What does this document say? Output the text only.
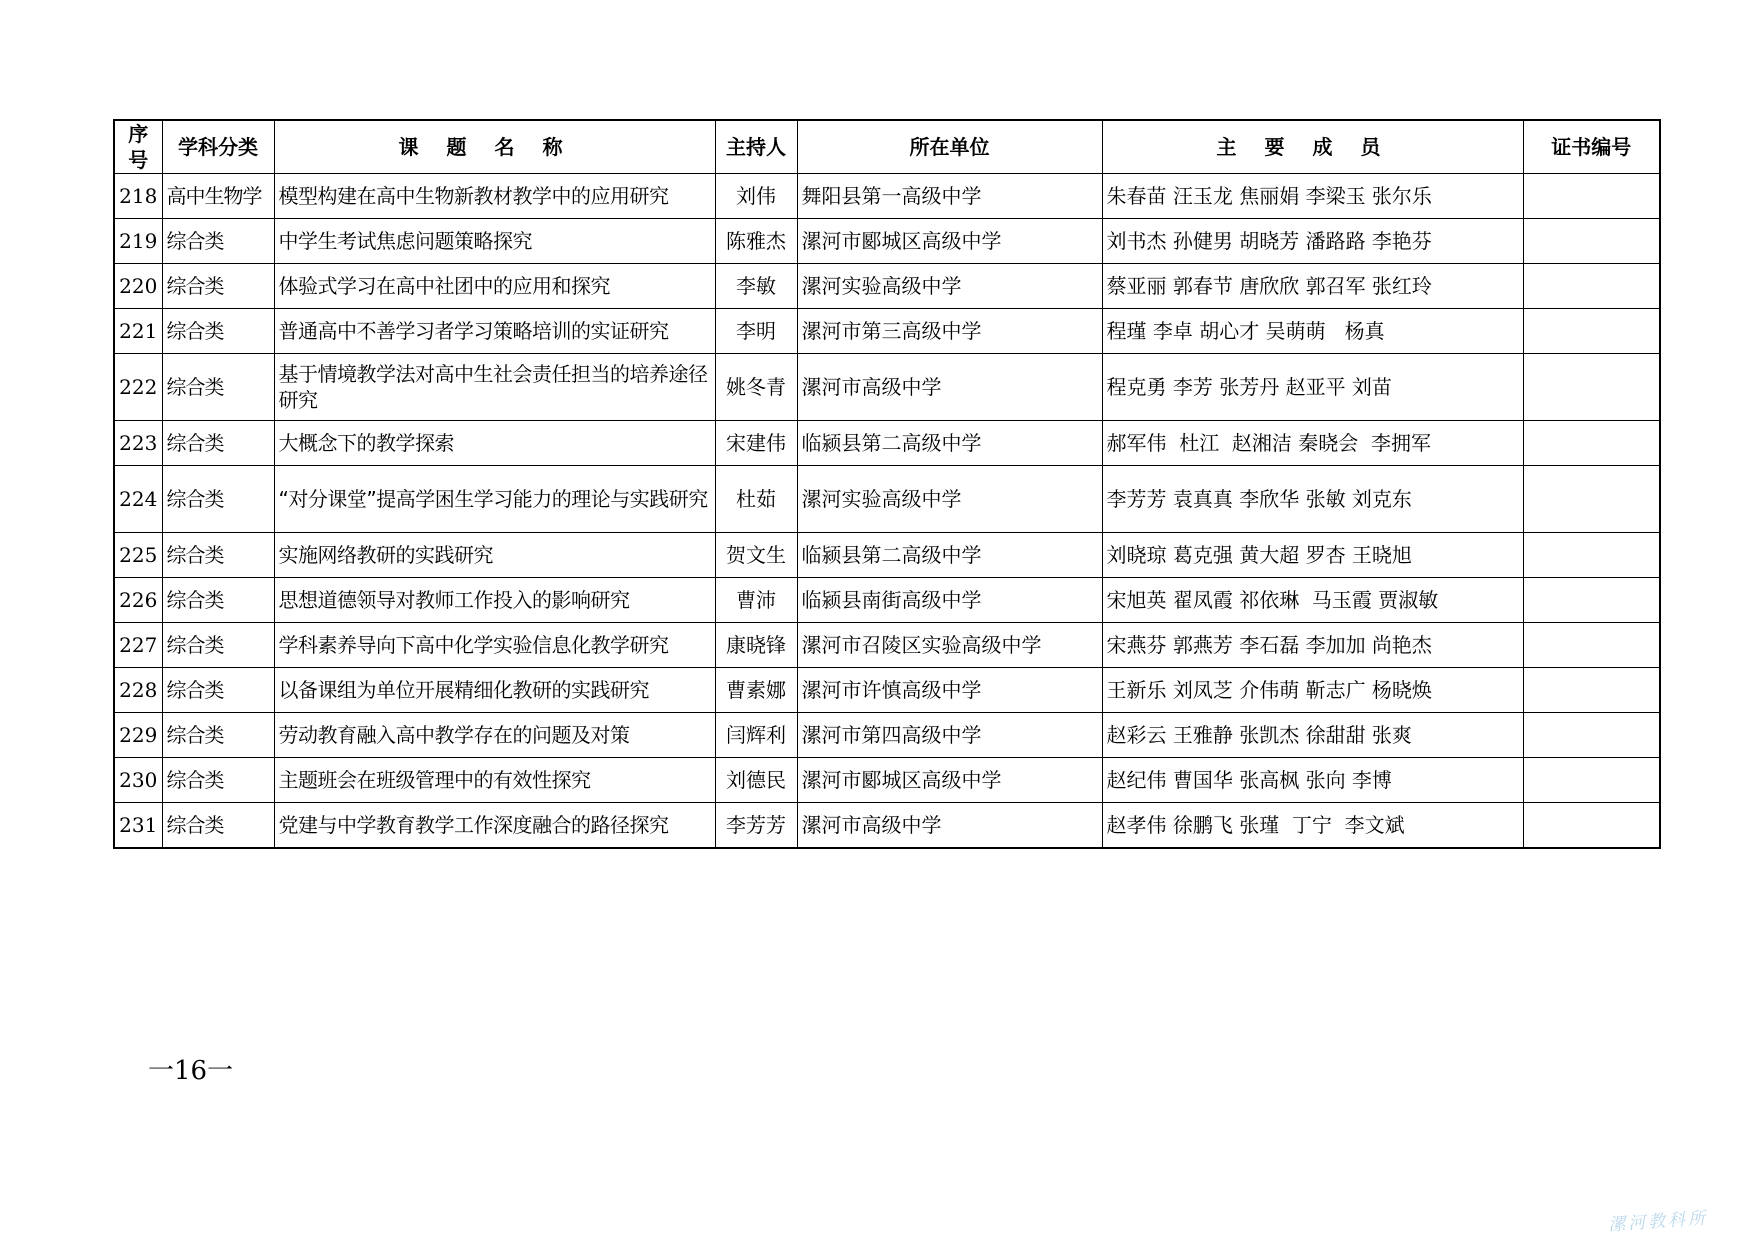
序号	学科分类	课题名称	主持人	所在单位	主要成员	证书编号
218	高中生物学	模型构建在高中生物新教材教学中的应用研究	刘伟	舞阳县第一高级中学	朱春苗 汪玉龙 焦丽娟 李梁玉 张尔乐	
219	综合类	中学生考试焦虑问题策略探究	陈雅杰	漯河市郾城区高级中学	刘书杰 孙健男 胡晓芳 潘路路 李艳芬	
220	综合类	体验式学习在高中社团中的应用和探究	李敏	漯河实验高级中学	蔡亚丽 郭春节 唐欣欣 郭召军 张红玲	
221	综合类	普通高中不善学习者学习策略培训的实证研究	李明	漯河市第三高级中学	程瑾 李卓 胡心才 吴萌萌   杨真	
222	综合类	基于情境教学法对高中生社会责任担当的培养途径研究	姚冬青	漯河市高级中学	程克勇 李芳 张芳丹 赵亚平 刘苗	
223	综合类	大概念下的教学探索	宋建伟	临颍县第二高级中学	郝军伟  杜江  赵湘洁 秦晓会  李拥军	
224	综合类	“对分课堂”提高学困生学习能力的理论与实践研究	杜茹	漯河实验高级中学	李芳芳 袁真真 李欣华 张敏 刘克东	
225	综合类	实施网络教研的实践研究	贺文生	临颍县第二高级中学	刘晓琼 葛克强 黄大超 罗杏 王晓旭	
226	综合类	思想道德领导对教师工作投入的影响研究	曹沛	临颍县南街高级中学	宋旭英 翟凤霞 祁依琳  马玉霞 贾淑敏	
227	综合类	学科素养导向下高中化学实验信息化教学研究	康晓锋	漯河市召陵区实验高级中学	宋燕芬 郭燕芳 李石磊 李加加 尚艳杰	
228	综合类	以备课组为单位开展精细化教研的实践研究	曹素娜	漯河市许慎高级中学	王新乐 刘凤芝 介伟萌 靳志广 杨晓焕	
229	综合类	劳动教育融入高中教学存在的问题及对策	闫辉利	漯河市第四高级中学	赵彩云 王雅静 张凯杰 徐甜甜 张爽	
230	综合类	主题班会在班级管理中的有效性探究	刘德民	漯河市郾城区高级中学	赵纪伟 曹国华 张高枫 张向 李博	
231	综合类	党建与中学教育教学工作深度融合的路径探究	李芳芳	漯河市高级中学	赵孝伟 徐鹏飞 张瑾  丁宁  李文斌	
一16一
漯河教科所
